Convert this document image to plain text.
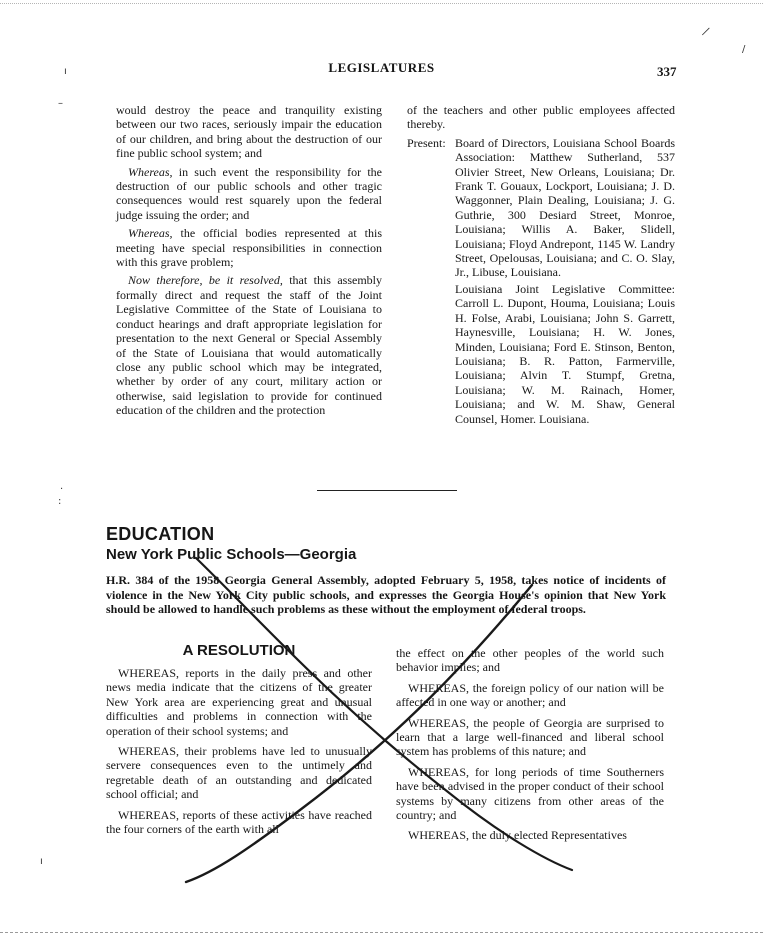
ı
–
·
:
ı
LEGISLATURES	337

would destroy the peace and tranquility existing between our two races, seriously impair the education of our children, and bring about the destruction of our fine public school system; and

Whereas, in such event the responsibility for the destruction of our public schools and other tragic consequences would rest squarely upon the federal judge issuing the order; and

Whereas, the official bodies represented at this meeting have special responsibilities in connection with this grave problem;

Now therefore, be it resolved, that this assembly formally direct and request the staff of the Joint Legislative Committee of the State of Louisiana to conduct hearings and draft appropriate legislation for presentation to the next General or Special Assembly of the State of Louisiana that would automatically close any public school which may be integrated, whether by order of any court, military action or otherwise, said legislation to provide for continued education of the children and the protection

of the teachers and other public employees affected thereby.

Present: Board of Directors, Louisiana School Boards Association: Matthew Sutherland, 537 Olivier Street, New Orleans, Louisiana; Dr. Frank T. Gouaux, Lockport, Louisiana; J. D. Waggonner, Plain Dealing, Louisiana; J. G. Guthrie, 300 Desiard Street, Monroe, Louisiana; Willis A. Baker, Slidell, Louisiana; Floyd Andrepont, 1145 W. Landry Street, Opelousas, Louisiana; and C. O. Slay, Jr., Libuse, Louisiana.

Louisiana Joint Legislative Committee: Carroll L. Dupont, Houma, Louisiana; Louis H. Folse, Arabi, Louisiana; John S. Garrett, Haynesville, Louisiana; H. W. Jones, Minden, Louisiana; Ford E. Stinson, Benton, Louisiana; B. R. Patton, Farmerville, Louisiana; Alvin T. Stumpf, Gretna, Louisiana; W. M. Rainach, Homer, Louisiana; and W. M. Shaw, General Counsel, Homer. Louisiana.

EDUCATION
New York Public Schools—Georgia
H.R. 384 of the 1958 Georgia General Assembly, adopted February 5, 1958, takes notice of incidents of violence in the New York City public schools, and expresses the Georgia House's opinion that New York should be allowed to handle such problems as these without the employment of federal troops.
A RESOLUTION

WHEREAS, reports in the daily press and other news media indicate that the citizens of the greater New York area are experiencing great and unusual difficulties and problems in connection with the operation of their school systems; and

WHEREAS, their problems have led to unusually servere consequences even to the untimely and regretable death of an outstanding and dedicated school official; and

WHEREAS, reports of these activities have reached the four corners of the earth with all

the effect on the other peoples of the world such behavior implies; and

WHEREAS, the foreign policy of our nation will be affected in one way or another; and

WHEREAS, the people of Georgia are surprised to learn that a large well-financed and liberal school system has problems of this nature; and

WHEREAS, for long periods of time Southerners have been advised in the proper conduct of their school systems by many citizens from other areas of the country; and

WHEREAS, the duly elected Representatives

|
/
